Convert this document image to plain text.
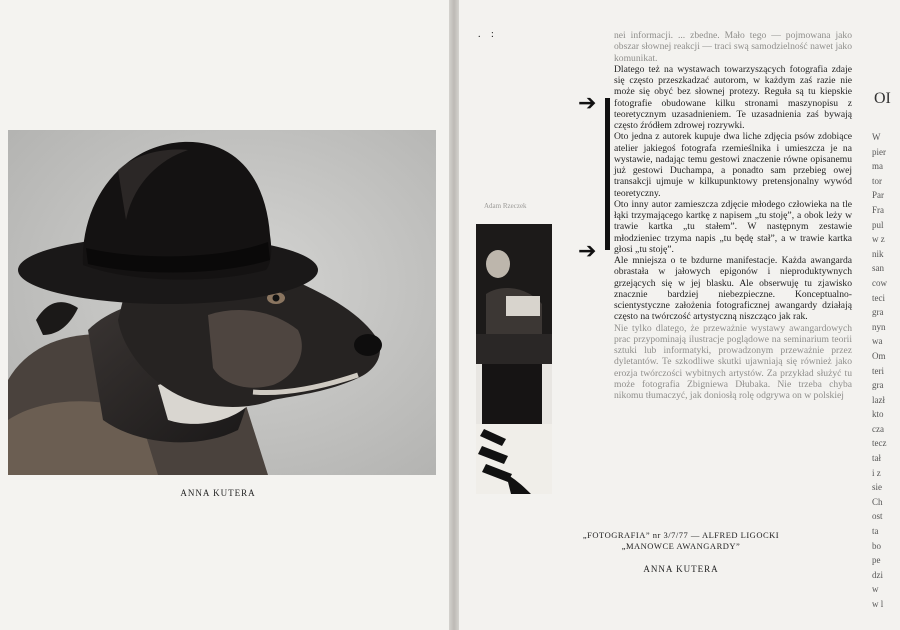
ANNA KUTERA
. :
Adam Rzeczek
➔
➔

nei informacji. ... zbedne. Mało tego — pojmowana jako obszar słownej reakcji — traci swą samodzielność nawet jako komunikat.

Dlatego też na wystawach towarzyszących fotografia zdaje się często przeszkadzać autorom, w każdym zaś razie nie może się obyć bez słownej protezy. Reguła są tu kiepskie fotografie obudowane kilku stronami maszynopisu z teoretycznym uzasadnieniem. Te uzasadnienia zaś bywają często źródłem zdrowej rozrywki.

Oto jedna z autorek kupuje dwa liche zdjęcia psów zdobiące atelier jakiegoś fotografa rzemieślnika i umieszcza je na wystawie, nadając temu gestowi znaczenie równe opisanemu już gestowi Duchampa, a ponadto sam przebieg owej transakcji ujmuje w kilkupunktowy pretensjonalny wywód teoretyczny.

Oto inny autor zamieszcza zdjęcie młodego człowieka na tle łąki trzymającego kartkę z napisem „tu stoję”, a obok leży w trawie kartka „tu stałem”. W następnym zestawie młodzieniec trzyma napis „tu będę stał”, a w trawie kartka głosi „tu stoję”.

Ale mniejsza o te bzdurne manifestacje. Każda awangarda obrastała w jałowych epigonów i nieproduktywnych grzejących się w jej blasku. Ale obserwuję tu zjawisko znacznie bardziej niebezpieczne. Konceptualno-scientystyczne założenia fotograficznej awangardy działają często na twórczość artystyczną niszcząco jak rak.

Nie tylko dlatego, że przeważnie wystawy awangardowych prac przypominają ilustracje poglądowe na seminarium teorii sztuki lub informatyki, prowadzonym przeważnie przez dyletantów. Te szkodliwe skutki ujawniają się również jako erozja twórczości wybitnych artystów. Za przykład służyć tu może fotografia Zbigniewa Dłubaka. Nie trzeba chyba nikomu tłumaczyć, jak doniosłą rolę odgrywa on w polskiej

„FOTOGRAFIA” nr 3/7/77 — ALFRED LIGOCKI
„MANOWCE AWANGARDY”
ANNA KUTERA
OI
W
pier
ma
tor
Par
Fra
pul
w z
nik
san
cow
teci
gra
nyn
wa
Om
teri
gra
lazł
kto
cza
tecz
tał
i z
sie
Ch
ost
ta
bo
pe
dzi
w
w l
